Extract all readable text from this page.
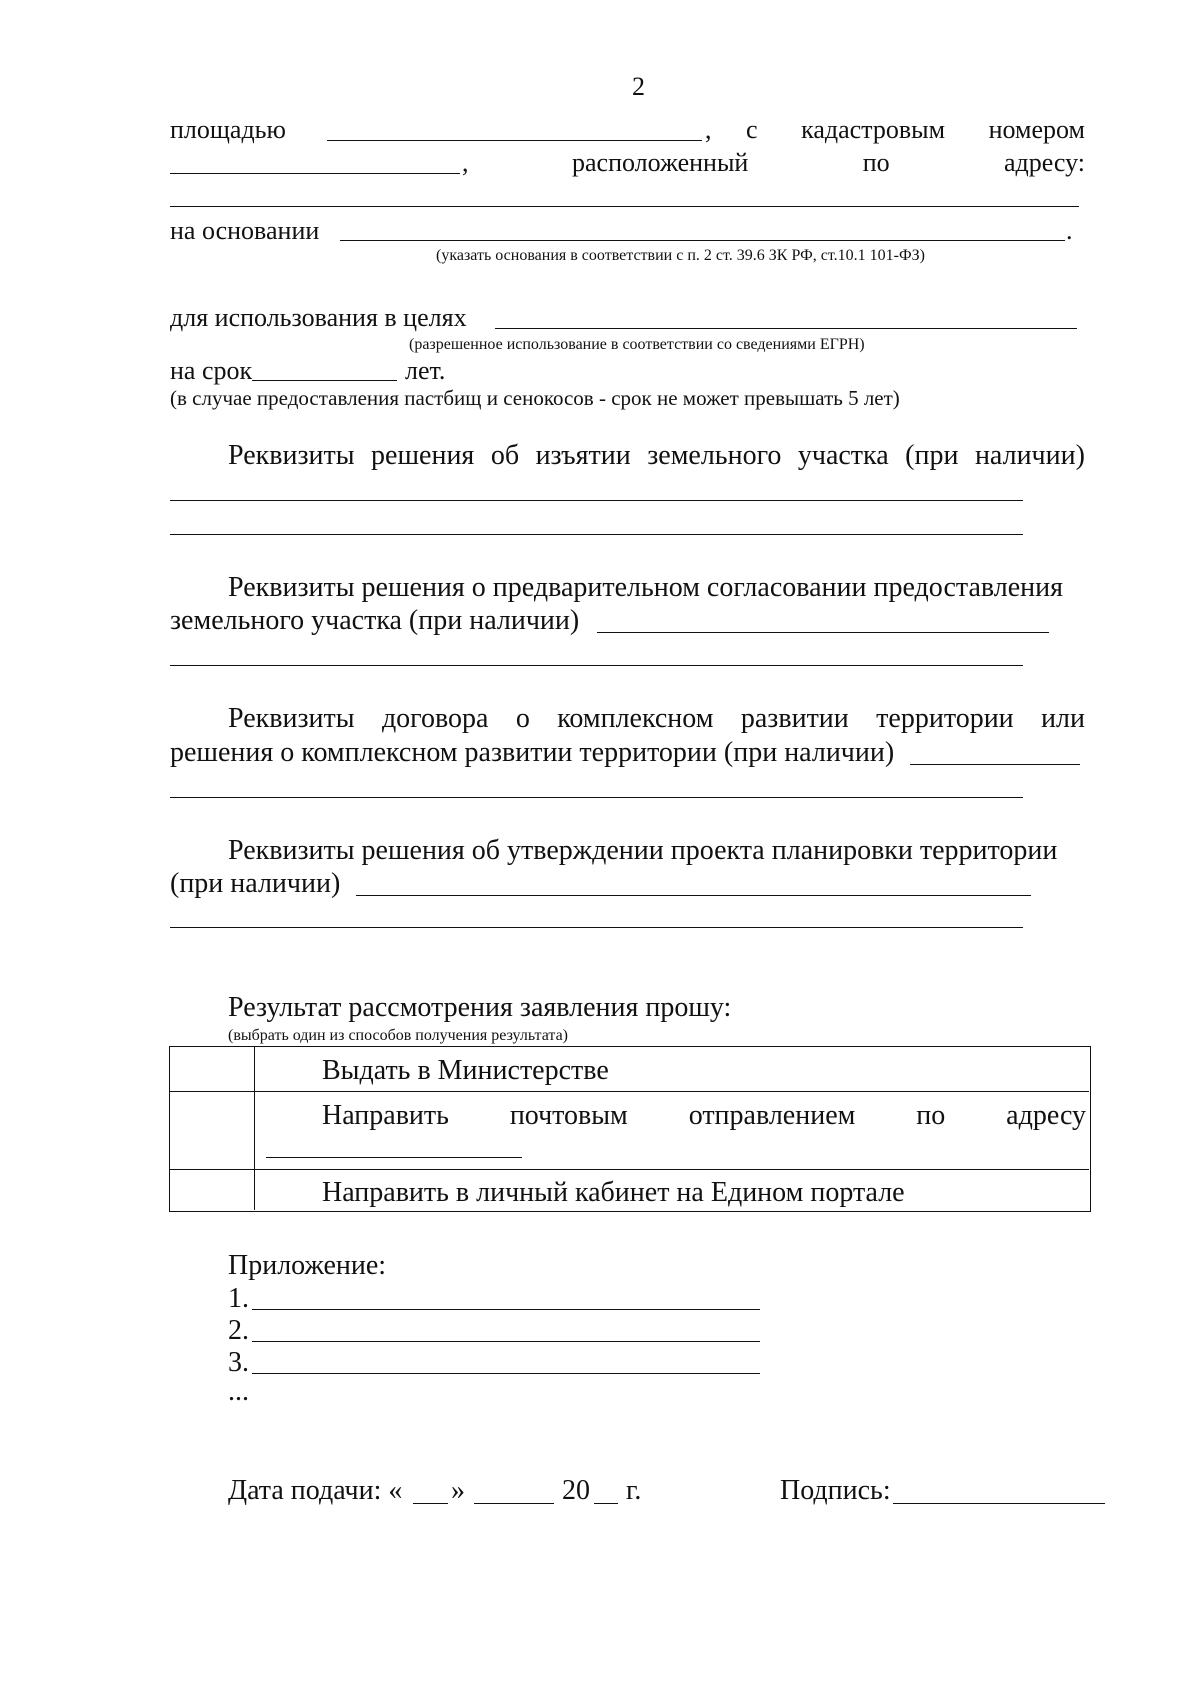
2
площадью	, с кадастровым номером
,	расположенный	по	адресу:
на основании	.
(указать основания в соответствии с п. 2 ст. 39.6 ЗК РФ, ст.10.1 101-ФЗ)
для использования в целях
(разрешенное использование в соответствии со сведениями ЕГРН)
на срок	лет.
(в случае предоставления пастбищ и сенокосов - срок не может превышать 5 лет)
Реквизиты решения об изъятии земельного участка (при наличии)
Реквизиты решения о предварительном согласовании предоставления
земельного участка (при наличии)
Реквизиты договора о комплексном развитии территории или
решения о комплексном развитии территории (при наличии)
Реквизиты решения об утверждении проекта планировки территории
(при наличии)
Результат рассмотрения заявления прошу:
(выбрать один из способов получения результата)
Выдать в Министерстве
Направить почтовым отправлением по адресу
Направить в личный кабинет на Едином портале
Приложение:
1.
2.
3.
...
Дата подачи: « »	20 г.	Подпись:
